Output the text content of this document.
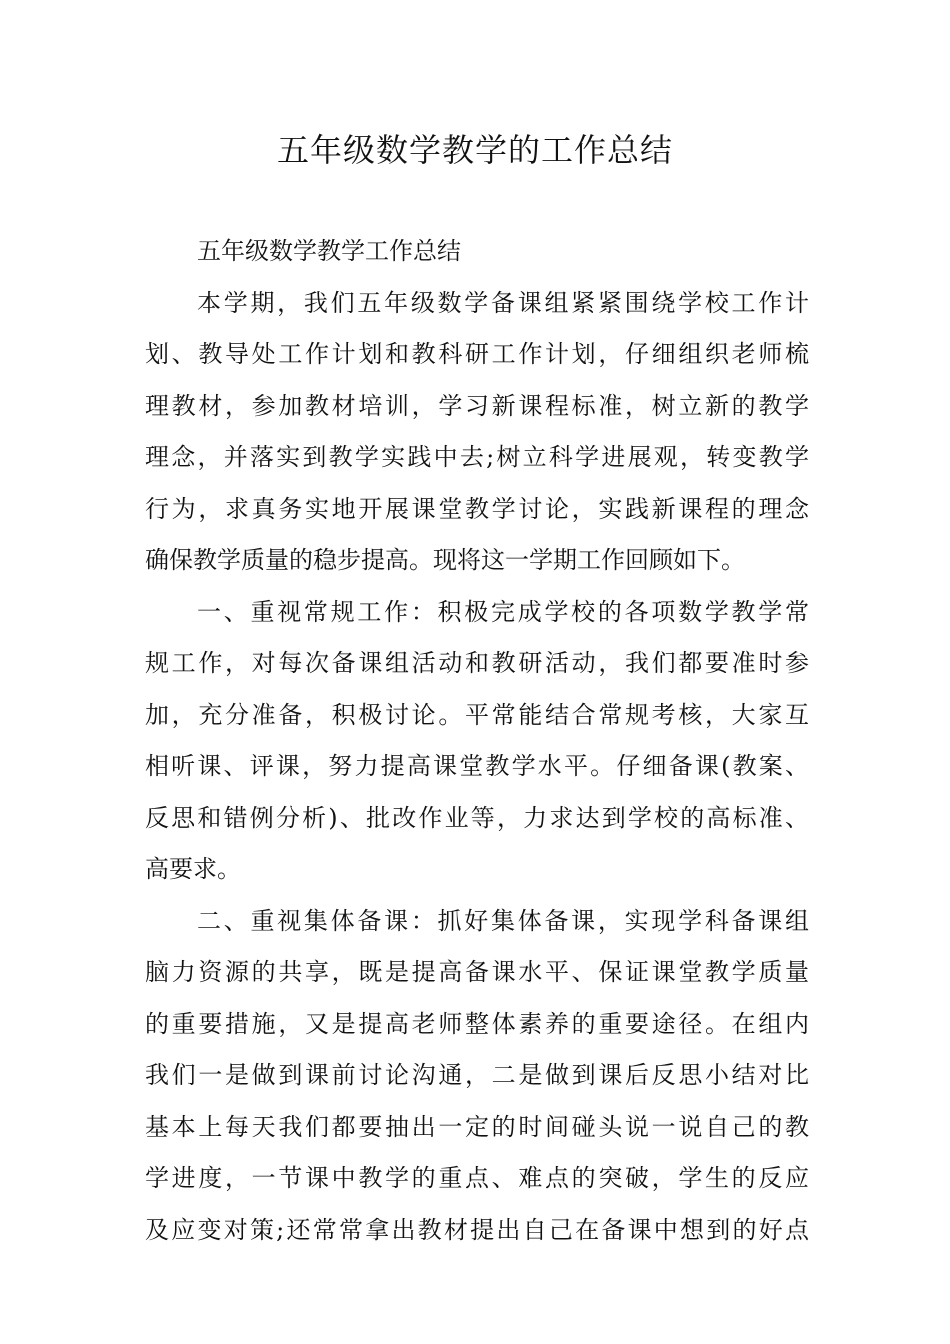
五年级数学教学的工作总结
五年级数学教学工作总结
本学期，我们五年级数学备课组紧紧围绕学校工作计
划、教导处工作计划和教科研工作计划，仔细组织老师梳
理教材，参加教材培训，学习新课程标准，树立新的教学
理念，并落实到教学实践中去;树立科学进展观，转变教学
行为，求真务实地开展课堂教学讨论，实践新课程的理念
确保教学质量的稳步提高。现将这一学期工作回顾如下。
一、重视常规工作：积极完成学校的各项数学教学常
规工作，对每次备课组活动和教研活动，我们都要准时参
加，充分准备，积极讨论。平常能结合常规考核，大家互
相听课、评课，努力提高课堂教学水平。仔细备课(教案、
反思和错例分析)、批改作业等，力求达到学校的高标准、
高要求。
二、重视集体备课：抓好集体备课，实现学科备课组
脑力资源的共享，既是提高备课水平、保证课堂教学质量
的重要措施，又是提高老师整体素养的重要途径。在组内
我们一是做到课前讨论沟通，二是做到课后反思小结对比
基本上每天我们都要抽出一定的时间碰头说一说自己的教
学进度，一节课中教学的重点、难点的突破，学生的反应
及应变对策;还常常拿出教材提出自己在备课中想到的好点
